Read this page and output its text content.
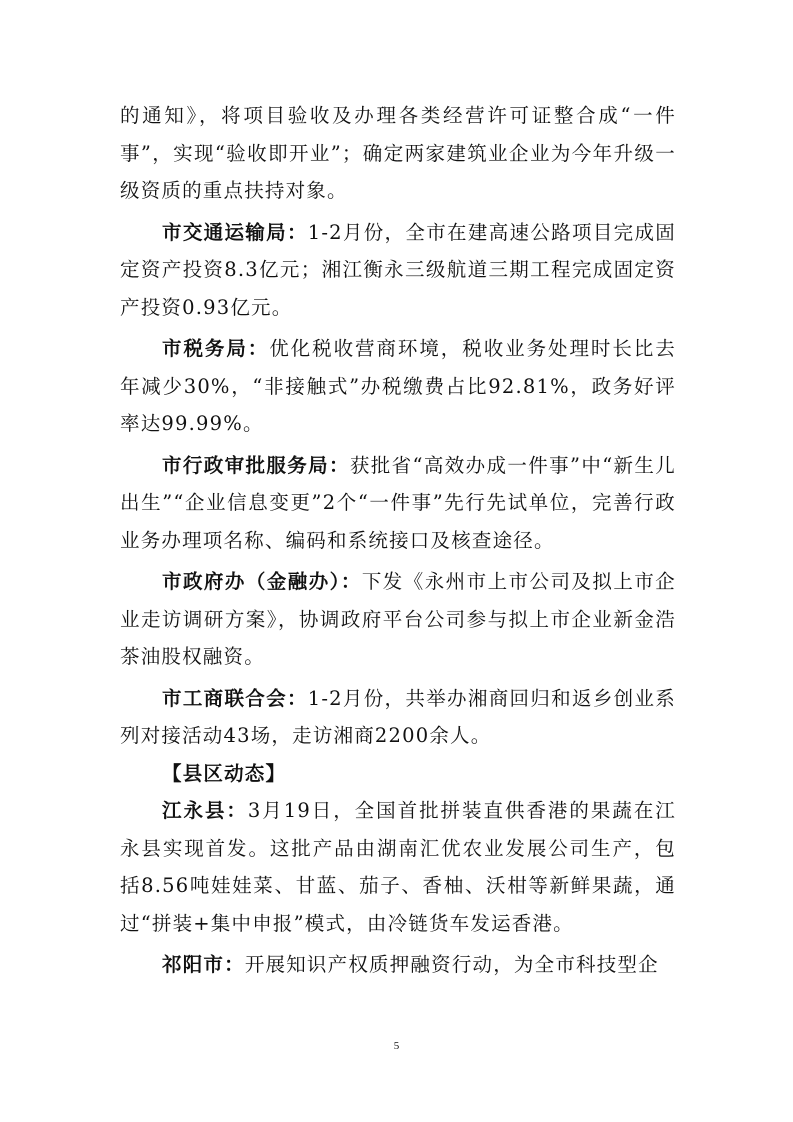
的通知》，将项目验收及办理各类经营许可证整合成“一件事”，实现“验收即开业”；确定两家建筑业企业为今年升级一级资质的重点扶持对象。

市交通运输局：1-2月份，全市在建高速公路项目完成固定资产投资8.3亿元；湘江衡永三级航道三期工程完成固定资产投资0.93亿元。

市税务局：优化税收营商环境，税收业务处理时长比去年减少30%，“非接触式”办税缴费占比92.81%，政务好评率达99.99%。

市行政审批服务局：获批省“高效办成一件事”中“新生儿出生”“企业信息变更”2个“一件事”先行先试单位，完善行政业务办理项名称、编码和系统接口及核查途径。

市政府办（金融办）：下发《永州市上市公司及拟上市企业走访调研方案》，协调政府平台公司参与拟上市企业新金浩茶油股权融资。

市工商联合会：1-2月份，共举办湘商回归和返乡创业系列对接活动43场，走访湘商2200余人。

【县区动态】

江永县：3月19日，全国首批拼装直供香港的果蔬在江永县实现首发。这批产品由湖南汇优农业发展公司生产，包括8.56吨娃娃菜、甘蓝、茄子、香柚、沃柑等新鲜果蔬，通过“拼装+集中申报”模式，由冷链货车发运香港。

祁阳市：开展知识产权质押融资行动，为全市科技型企

5
